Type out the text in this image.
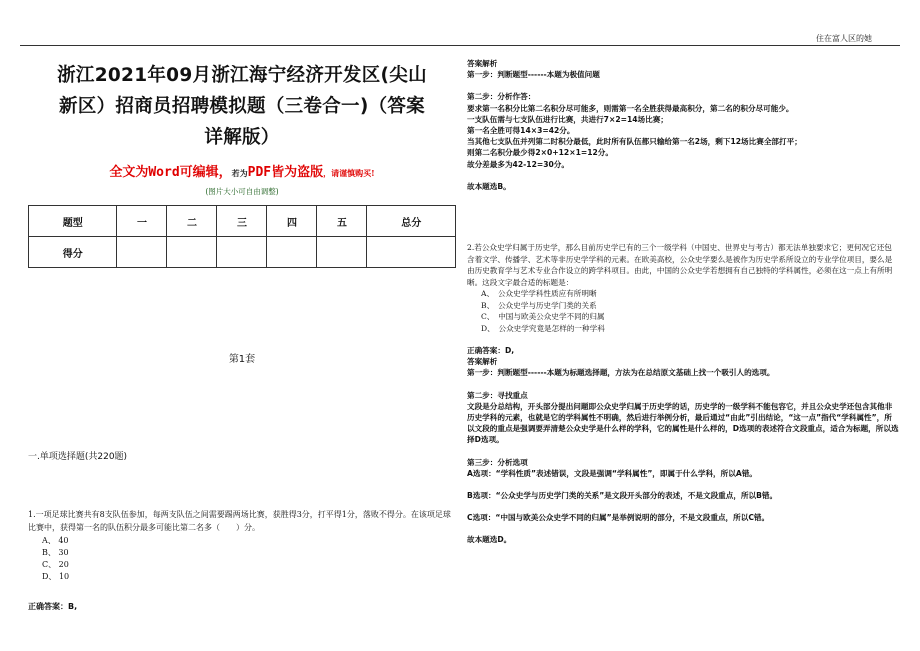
住在富人区的她
浙江2021年09月浙江海宁经济开发区(尖山
新区）招商员招聘模拟题（三卷合一)（答案
详解版）
全文为Word可编辑，若为PDF皆为盗版，请谨慎购买!
(图片大小可自由调整)
题型	一	二	三	四	五	总分
得分						
第1套
一.单项选择题(共220题)
1.一项足球比赛共有8支队伍参加，每两支队伍之间需要踢两场比赛，获胜得3分，打平得1分，落败不得分。在该项足球比赛中，获得第一名的队伍积分最多可能比第二名多（　　）分。
A、 40
B、 30
C、 20
D、 10
正确答案：B,
答案解析
第一步：判断题型------本题为极值问题
第二步：分析作答：
要求第一名积分比第二名积分尽可能多，则需第一名全胜获得最高积分，第二名的积分尽可能少。
一支队伍需与七支队伍进行比赛，共进行7×2=14场比赛；
第一名全胜可得14×3=42分。
当其他七支队伍并列第二时积分最低，此时所有队伍都只输给第一名2场，剩下12场比赛全部打平；
则第二名积分最少得2×0+12×1=12分。
故分差最多为42-12=30分。
故本题选B。
2.若公众史学归属于历史学，那么目前历史学已有的三个一级学科（中国史、世界史与考古）都无法单独要求它；更何况它还包含着文学、传播学、艺术等非历史学学科的元素。在欧美高校，公众史学要么是被作为历史学系所设立的专业学位项目，要么是由历史教育学与艺术专业合作设立的跨学科项目。由此，中国的公众史学若想拥有自己独特的学科属性，必须在这一点上有所明晰。这段文字最合适的标题是：
A、　公众史学学科性质应有所明晰
B、　公众史学与历史学门类的关系
C、　中国与欧美公众史学不同的归属
D、　公众史学究竟是怎样的一种学科
正确答案：D,
答案解析
第一步：判断题型------本题为标题选择题，方法为在总结原文基础上找一个吸引人的选项。
第二步：寻找重点
文段是分总结构，开头部分提出问题即公众史学归属于历史学的话，历史学的一级学科不能包容它，并且公众史学还包含其他非历史学科的元素，也就是它的学科属性不明确，然后进行举例分析，最后通过“由此”引出结论，“这一点”指代“学科属性”，所以文段的重点是强调要弄清楚公众史学是什么样的学科，它的属性是什么样的，D选项的表述符合文段重点，适合为标题，所以选择D选项。
第三步：分析选项
A选项：“学科性质”表述错误，文段是强调“学科属性”，即属于什么学科，所以A错。
B选项：“公众史学与历史学门类的关系”是文段开头部分的表述，不是文段重点，所以B错。
C选项：“中国与欧美公众史学不同的归属”是举例说明的部分，不是文段重点，所以C错。
故本题选D。
